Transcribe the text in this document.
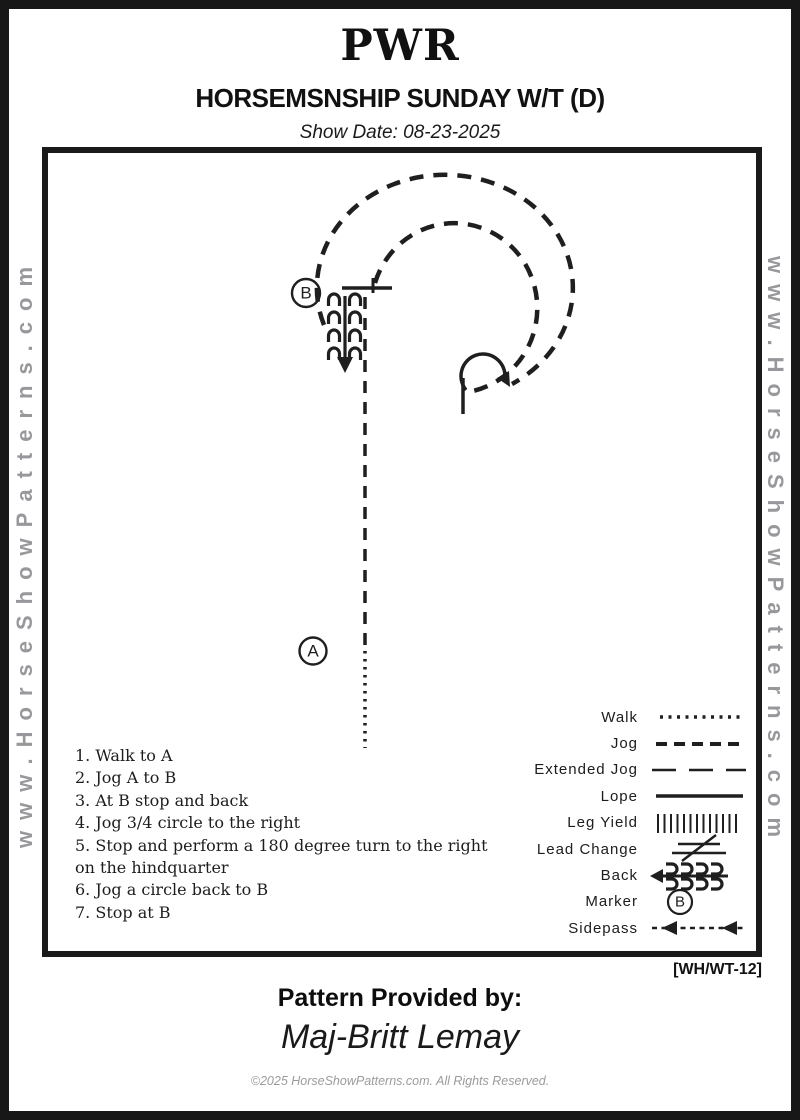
PWR
HORSEMSNSHIP SUNDAY W/T (D)
Show Date: 08-23-2025
www.HorseShowPatterns.com	www.HorseShowPatterns.com
B
A
1. Walk to A
2. Jog A to B
3. At B stop and back
4. Jog 3/4 circle to the right
5. Stop and perform a 180 degree turn to the right
on the hindquarter
6. Jog a circle back to B
7. Stop at B
Walk
Jog
Extended Jog
Lope
Leg Yield
Lead Change
Back
Marker B
Sidepass
[WH/WT-12]
Pattern Provided by:
Maj-Britt Lemay
©2025 HorseShowPatterns.com. All Rights Reserved.
